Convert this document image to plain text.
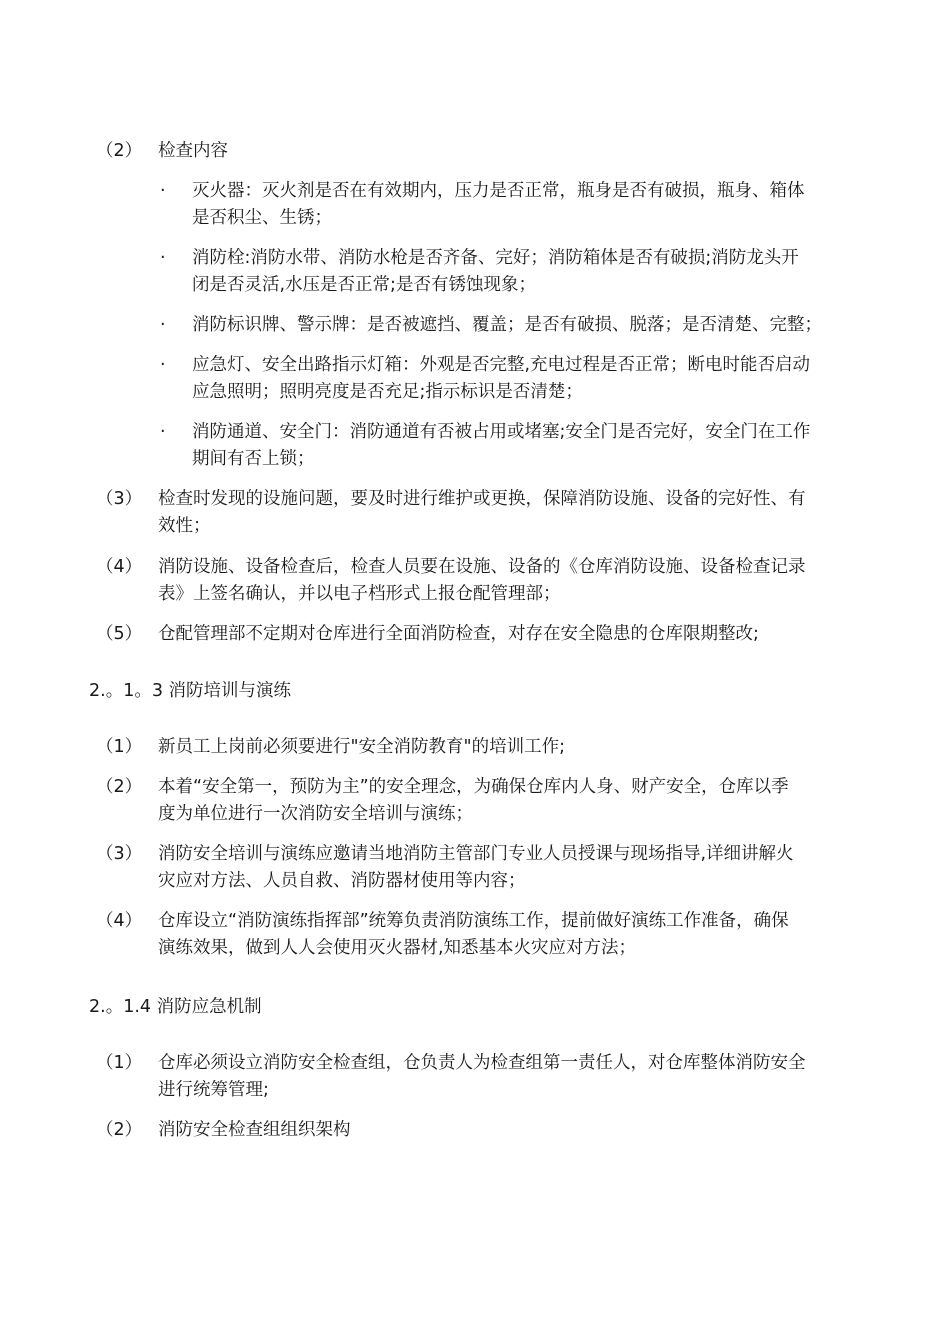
（2） 检查内容
· 灭火器：灭火剂是否在有效期内，压力是否正常，瓶身是否有破损，瓶身、箱体
是否积尘、生锈；
· 消防栓:消防水带、消防水枪是否齐备、完好；消防箱体是否有破损;消防龙头开
闭是否灵活,水压是否正常;是否有锈蚀现象；
· 消防标识牌、警示牌：是否被遮挡、覆盖；是否有破损、脱落；是否清楚、完整；
· 应急灯、安全出路指示灯箱：外观是否完整,充电过程是否正常；断电时能否启动
应急照明；照明亮度是否充足;指示标识是否清楚；
· 消防通道、安全门：消防通道有否被占用或堵塞;安全门是否完好，安全门在工作
期间有否上锁；
（3） 检查时发现的设施问题，要及时进行维护或更换，保障消防设施、设备的完好性、有
效性；
（4） 消防设施、设备检查后，检查人员要在设施、设备的《仓库消防设施、设备检查记录
表》上签名确认，并以电子档形式上报仓配管理部；
（5） 仓配管理部不定期对仓库进行全面消防检查，对存在安全隐患的仓库限期整改;
2.。1。3 消防培训与演练
（1） 新员工上岗前必须要进行"安全消防教育"的培训工作;
（2） 本着“安全第一，预防为主”的安全理念，为确保仓库内人身、财产安全，仓库以季
度为单位进行一次消防安全培训与演练；
（3） 消防安全培训与演练应邀请当地消防主管部门专业人员授课与现场指导,详细讲解火
灾应对方法、人员自救、消防器材使用等内容；
（4） 仓库设立“消防演练指挥部”统筹负责消防演练工作，提前做好演练工作准备，确保
演练效果，做到人人会使用灭火器材,知悉基本火灾应对方法；
2.。1.4 消防应急机制
（1） 仓库必须设立消防安全检查组，仓负责人为检查组第一责任人，对仓库整体消防安全
进行统筹管理;
（2） 消防安全检查组组织架构
